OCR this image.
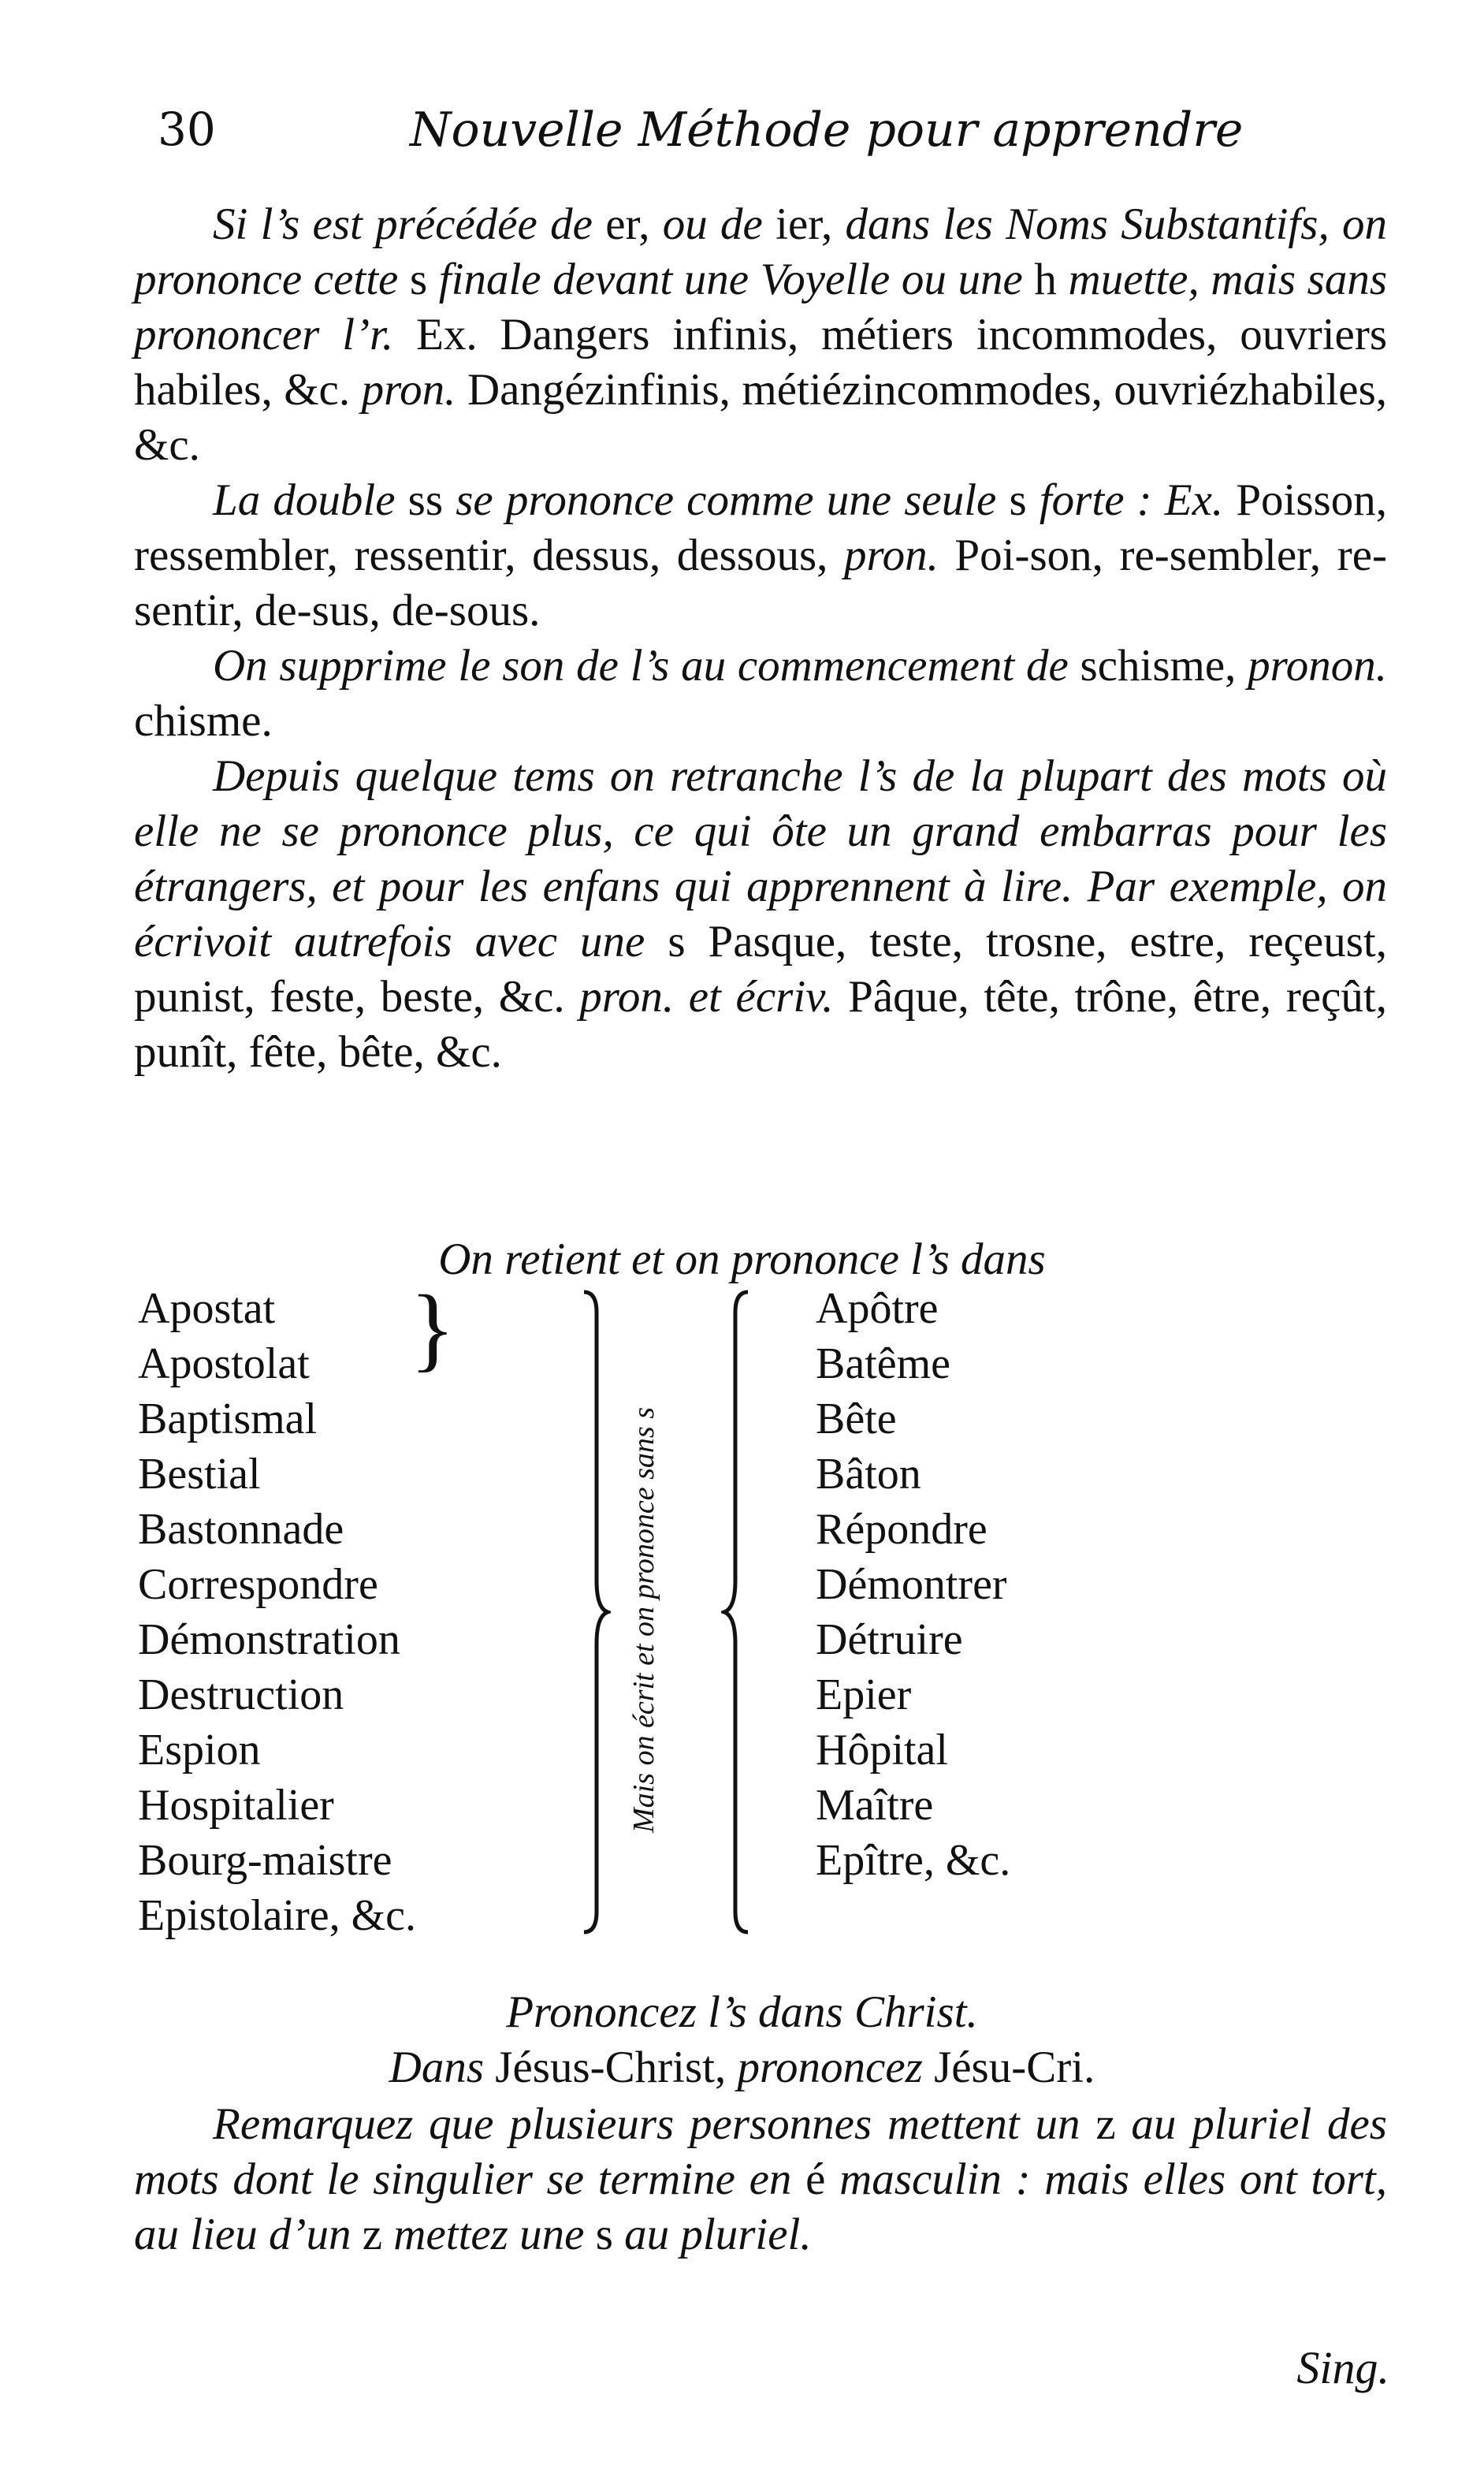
30	Nouvelle Méthode pour apprendre

Si l’s est précédée de er, ou de ier, dans les Noms Substantifs, on prononce cette s finale devant une Voyelle ou une h muette, mais sans prononcer l’r. Ex. Dangers infinis, métiers incommodes, ouvriers habiles, &c. pron. Dangézinfinis, métiézincommodes, ouvriézhabiles, &c.

La double ss se prononce comme une seule s forte : Ex. Poisson, ressembler, ressentir, dessus, dessous, pron. Poi-son, re-sembler, re-sentir, de-sus, de-sous.

On supprime le son de l’s au commencement de schisme, pronon. chisme.

Depuis quelque tems on retranche l’s de la plupart des mots où elle ne se prononce plus, ce qui ôte un grand embarras pour les étrangers, et pour les enfans qui apprennent à lire. Par exemple, on écrivoit autrefois avec une s Pasque, teste, trosne, estre, reçeust, punist, feste, beste, &c. pron. et écriv. Pâque, tête, trône, être, reçût, punît, fête, bête, &c.

On retient et on prononce l’s dans
Apostat
Apostolat
Baptismal
Bestial
Bastonnade
Correspondre
Démonstration
Destruction
Espion
Hospitalier
Bourg-maistre
Epistolaire, &c.
}
Mais on écrit et on prononce sans s
Apôtre
Batême
Bête
Bâton
Répondre
Démontrer
Détruire
Epier
Hôpital
Maître
Epître, &c.
Prononcez l’s dans Christ.
Dans Jésus-Christ, prononcez Jésu-Cri.

Remarquez que plusieurs personnes mettent un z au pluriel des mots dont le singulier se termine en é masculin : mais elles ont tort, au lieu d’un z mettez une s au pluriel.

Sing.
